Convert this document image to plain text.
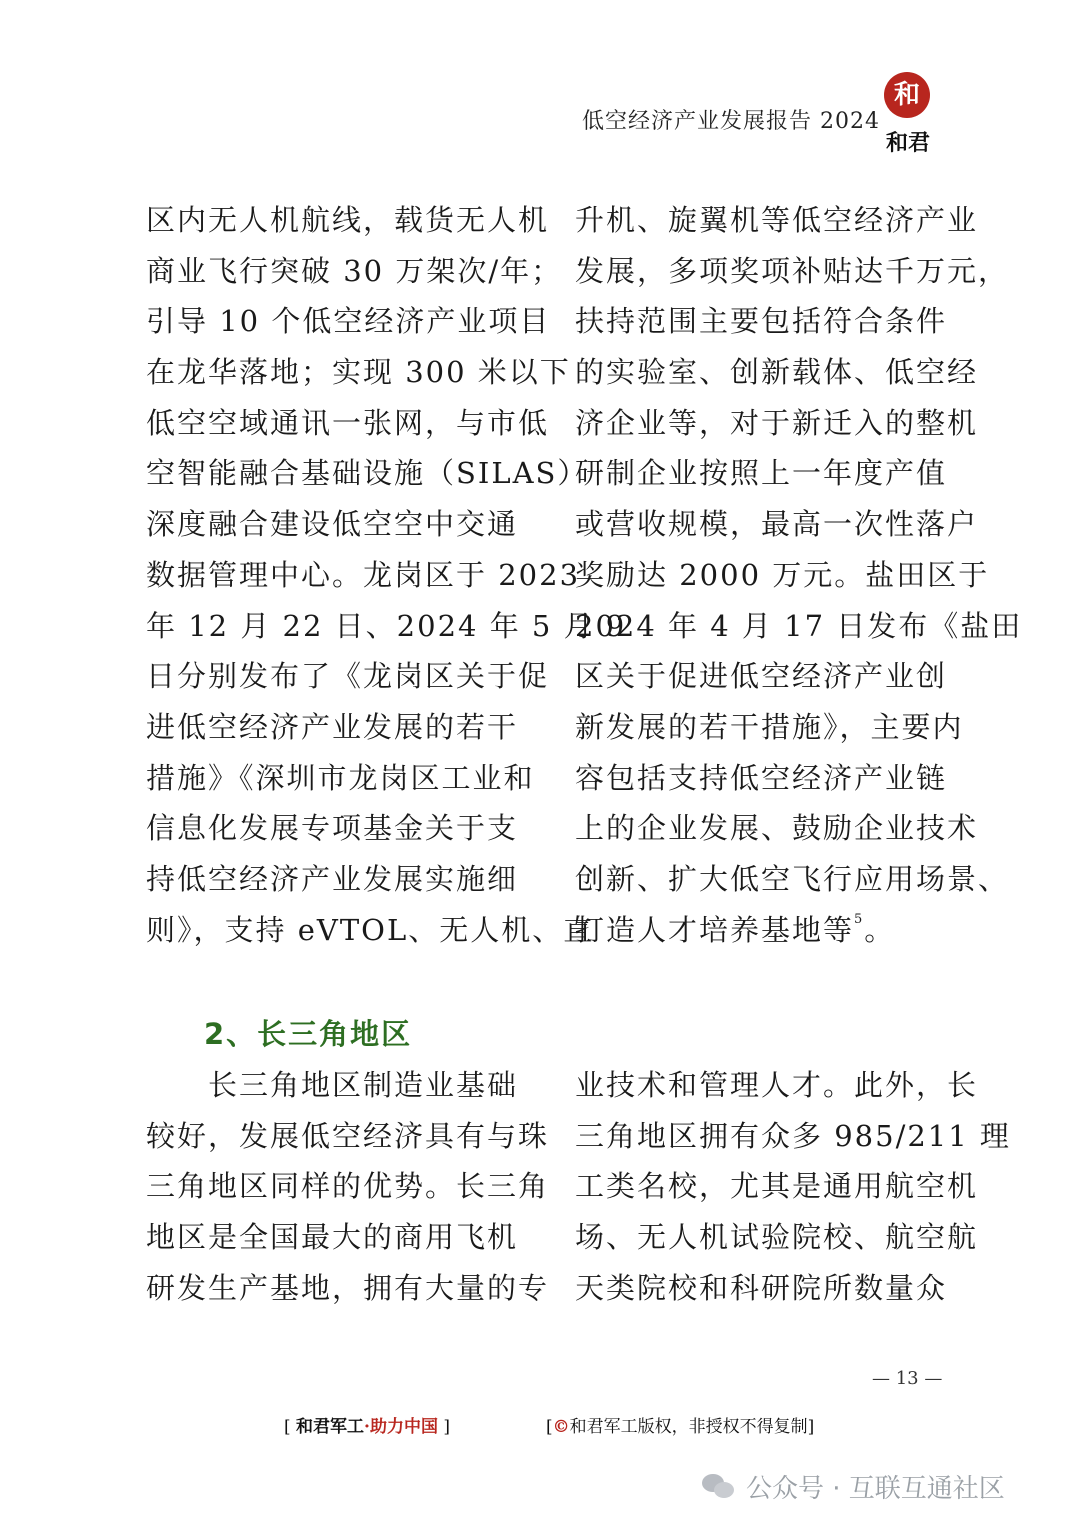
低空经济产业发展报告 2024
和
和君
区内无人机航线，载货无人机
商业飞行突破 30 万架次/年；
引导 10 个低空经济产业项目
在龙华落地；实现 300 米以下
低空空域通讯一张网，与市低
空智能融合基础设施（SILAS）
深度融合建设低空空中交通
数据管理中心。龙岗区于 2023
年 12 月 22 日、2024 年 5 月 9
日分别发布了《龙岗区关于促
进低空经济产业发展的若干
措施》《深圳市龙岗区工业和
信息化发展专项基金关于支
持低空经济产业发展实施细
则》，支持 eVTOL、无人机、直
升机、旋翼机等低空经济产业
发展，多项奖项补贴达千万元，
扶持范围主要包括符合条件
的实验室、创新载体、低空经
济企业等，对于新迁入的整机
研制企业按照上一年度产值
或营收规模，最高一次性落户
奖励达 2000 万元。盐田区于
2024 年 4 月 17 日发布《盐田
区关于促进低空经济产业创
新发展的若干措施》，主要内
容包括支持低空经济产业链
上的企业发展、鼓励企业技术
创新、扩大低空飞行应用场景、
打造人才培养基地等$^5$。
2、长三角地区
　　长三角地区制造业基础
较好，发展低空经济具有与珠
三角地区同样的优势。长三角
地区是全国最大的商用飞机
研发生产基地，拥有大量的专
业技术和管理人才。此外，长
三角地区拥有众多 985/211 理
工类名校，尤其是通用航空机
场、无人机试验院校、航空航
天类院校和科研院所数量众
— 13 —
[ 和君军工·助力中国 ]	[©和君军工版权，非授权不得复制]
公众号 · 互联互通社区
